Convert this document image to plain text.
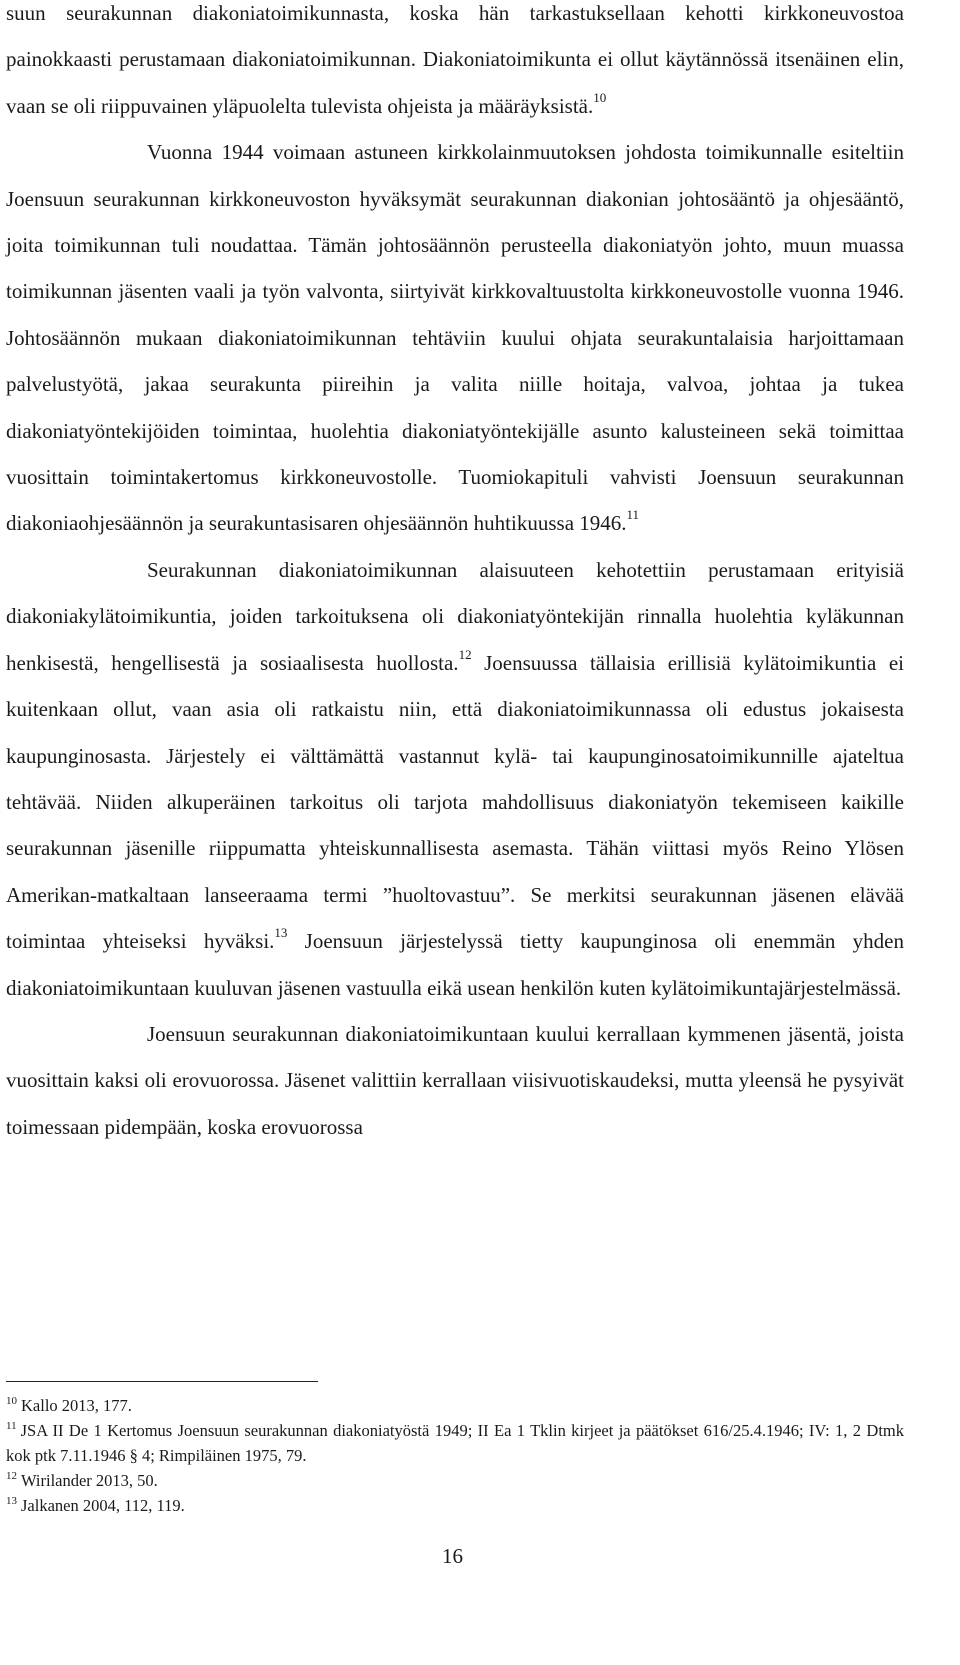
suun seurakunnan diakoniatoimikunnasta, koska hän tarkastuksellaan kehotti kirkkoneuvostoa painokkaasti perustamaan diakoniatoimikunnan. Diakoniatoimikunta ei ollut käytännössä itsenäinen elin, vaan se oli riippuvainen yläpuolelta tulevista ohjeista ja määräyksistä.$^{10}$

Vuonna 1944 voimaan astuneen kirkkolainmuutoksen johdosta toimikunnalle esiteltiin Joensuun seurakunnan kirkkoneuvoston hyväksymät seurakunnan diakonian johtosääntö ja ohjesääntö, joita toimikunnan tuli noudattaa. Tämän johtosäännön perusteella diakoniatyön johto, muun muassa toimikunnan jäsenten vaali ja työn valvonta, siirtyivät kirkkovaltuustolta kirkkoneuvostolle vuonna 1946. Johtosäännön mukaan diakoniatoimikunnan tehtäviin kuului ohjata seurakuntalaisia harjoittamaan palvelustyötä, jakaa seurakunta piireihin ja valita niille hoitaja, valvoa, johtaa ja tukea diakoniatyöntekijöiden toimintaa, huolehtia diakoniatyöntekijälle asunto kalusteineen sekä toimittaa vuosittain toimintakertomus kirkkoneuvostolle. Tuomiokapituli vahvisti Joensuun seurakunnan diakoniaohjesäännön ja seurakuntasisaren ohjesäännön huhtikuussa 1946.11

Seurakunnan diakoniatoimikunnan alaisuuteen kehotettiin perustamaan erityisiä diakoniakylätoimikuntia, joiden tarkoituksena oli diakoniatyöntekijän rinnalla huolehtia kyläkunnan henkisestä, hengellisestä ja sosiaalisesta huollosta.$^{12}$ Joensuussa tällaisia erillisiä kylätoimikuntia ei kuitenkaan ollut, vaan asia oli ratkaistu niin, että diakoniatoimikunnassa oli edustus jokaisesta kaupunginosasta. Järjestely ei välttämättä vastannut kylä- tai kaupunginosatoimikunnille ajateltua tehtävää. Niiden alkuperäinen tarkoitus oli tarjota mahdollisuus diakoniatyön tekemiseen kaikille seurakunnan jäsenille riippumatta yhteiskunnallisesta asemasta. Tähän viittasi myös Reino Ylösen Amerikan-matkaltaan lanseeraama termi ”huoltovastuu”. Se merkitsi seurakunnan jäsenen elävää toimintaa yhteiseksi hyväksi.$^{13}$ Joensuun järjestelyssä tietty kaupunginosa oli enemmän yhden diakoniatoimikuntaan kuuluvan jäsenen vastuulla eikä usean henkilön kuten kylätoimikuntajärjestelmässä.

Joensuun seurakunnan diakoniatoimikuntaan kuului kerrallaan kymmenen jäsentä, joista vuosittain kaksi oli erovuorossa. Jäsenet valittiin kerrallaan viisivuotiskaudeksi, mutta yleensä he pysyivät toimessaan pidempään, koska erovuorossa

$^{10}$ Kallo 2013, 177.

$^{11}$ JSA II De 1 Kertomus Joensuun seurakunnan diakoniatyöstä 1949; II Ea 1 Tklin kirjeet ja päätökset 616/25.4.1946; IV: 1, 2 Dtmk kok ptk 7.11.1946 § 4; Rimpiläinen 1975, 79.

$^{12}$ Wirilander 2013, 50.

$^{13}$ Jalkanen 2004, 112, 119.

16
